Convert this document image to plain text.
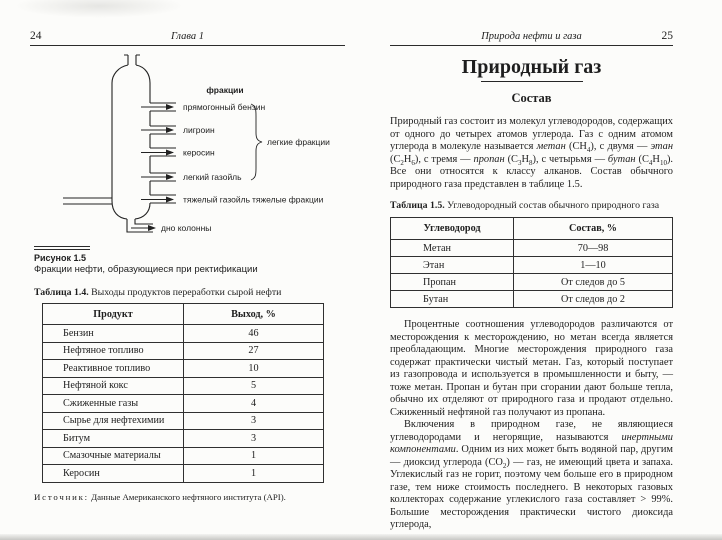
24	Глава 1
фракции
прямогонный бензин
лигроин
керосин
легкий газойль
тяжелый газойль
дно колонны
легкие фракции
тяжелые фракции
Рисунок 1.5
Фракции нефти, образующиеся при ректификации
Таблица 1.4. Выходы продуктов переработки сырой нефти
Продукт	Выход, %
Бензин	46
Нефтяное топливо	27
Реактивное топливо	10
Нефтяной кокс	5
Сжиженные газы	4
Сырье для нефтехимии	3
Битум	3
Смазочные материалы	1
Керосин	1
Источник: Данные Американского нефтяного института (API).
Природа нефти и газа	25
Природный газ
Состав

Природный газ состоит из молекул углеводородов, содержащих от одного до четырех атомов углерода. Газ с одним атомом углерода в молекуле называется метан $(CH_4)$, с двумя — этан $(C_2H_6)$, с тремя — пропан $(C_3H_8)$, с четырьмя — бутан $(C_4H_{10})$. Все они относятся к классу алканов. Состав обычного природного газа представлен в таблице 1.5.

Таблица 1.5. Углеводородный состав обычного природного газа
Углеводород	Состав, %
Метан	70—98
Этан	1—10
Пропан	От следов до 5
Бутан	От следов до 2

Процентные соотношения углеводородов различаются от месторождения к месторождению, но метан всегда является преобладающим. Многие месторождения природного газа содержат практически чистый метан. Газ, который поступает из газопровода и используется в промышленности и быту, — тоже метан. Пропан и бутан при сгорании дают больше тепла, обычно их отделяют от природного газа и продают отдельно. Сжиженный нефтяной газ получают из пропана.

Включения в природном газе, не являющиеся углеводородами и негорящие, называются инертными компонентами. Одним из них может быть водяной пар, другим — диоксид углерода $(CO_2)$ — газ, не имеющий цвета и запаха. Углекислый газ не горит, поэтому чем больше его в природном газе, тем ниже стоимость последнего. В некоторых газовых коллекторах содержание углекислого газа составляет > 99%. Большие месторождения практически чистого диоксида углерода,
